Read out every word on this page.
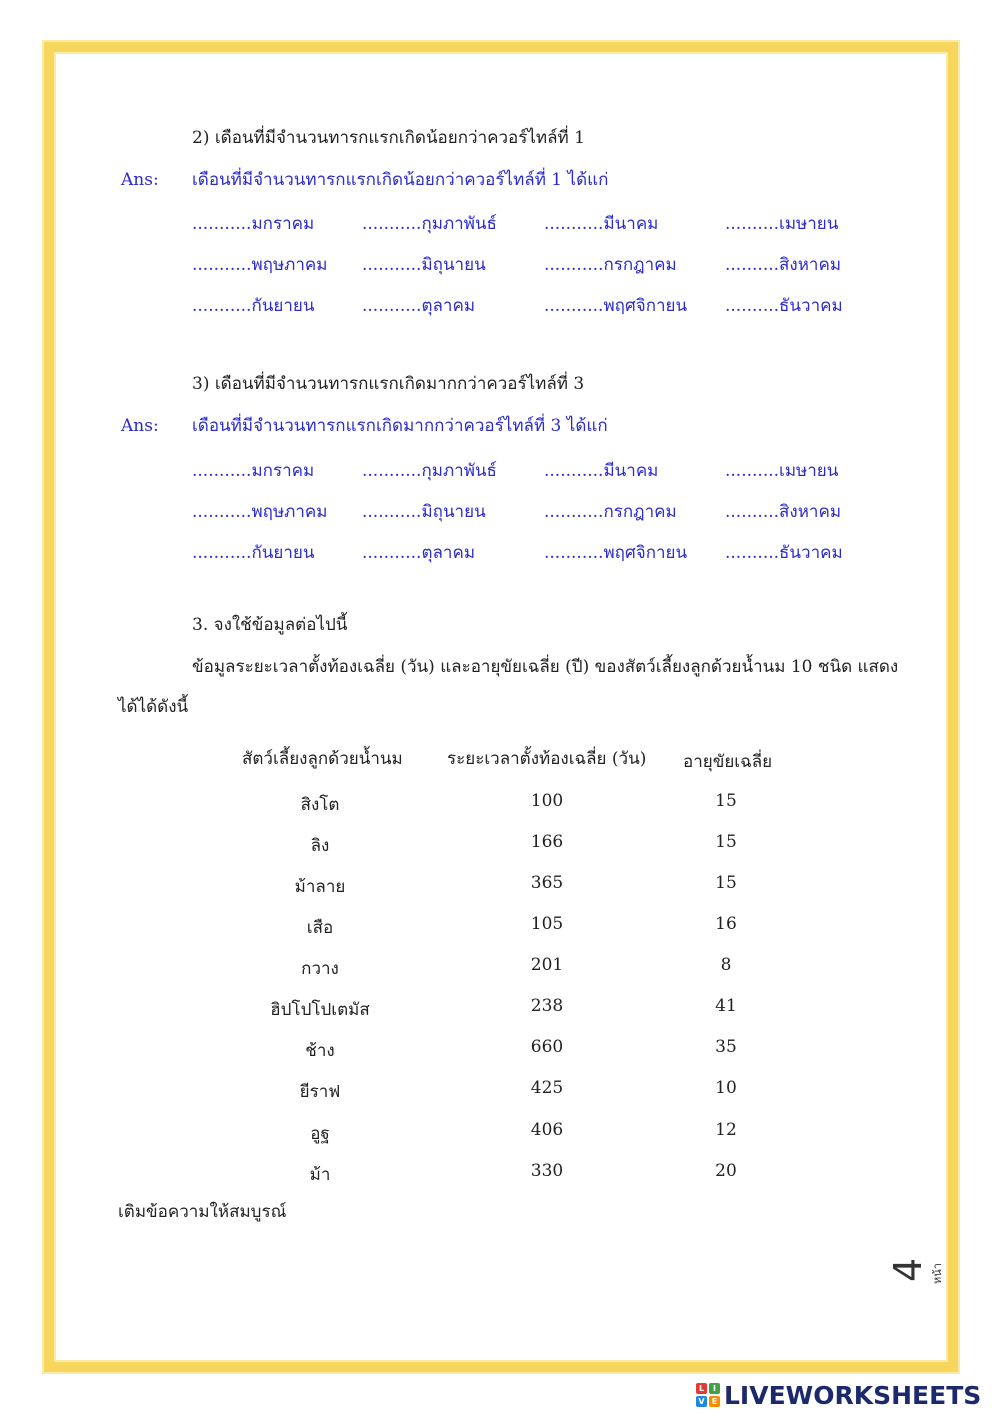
2) เดือนที่มีจำนวนทารกแรกเกิดน้อยกว่าควอร์ไทล์ที่ 1
Ans: เดือนที่มีจำนวนทารกแรกเกิดน้อยกว่าควอร์ไทล์ที่ 1 ได้แก่
...........มกราคม	...........กุมภาพันธ์	...........มีนาคม	..........เมษายน
...........พฤษภาคม ...........มิถุนายน	...........กรกฎาคม	..........สิงหาคม
...........กันยายน	...........ตุลาคม	...........พฤศจิกายน ..........ธันวาคม
3) เดือนที่มีจำนวนทารกแรกเกิดมากกว่าควอร์ไทล์ที่ 3
Ans: เดือนที่มีจำนวนทารกแรกเกิดมากกว่าควอร์ไทล์ที่ 3 ได้แก่
...........มกราคม	...........กุมภาพันธ์	...........มีนาคม	..........เมษายน
...........พฤษภาคม ...........มิถุนายน	...........กรกฎาคม	..........สิงหาคม
...........กันยายน	...........ตุลาคม	...........พฤศจิกายน ..........ธันวาคม
3. จงใช้ข้อมูลต่อไปนี้
ข้อมูลระยะเวลาตั้งท้องเฉลี่ย (วัน) และอายุขัยเฉลี่ย (ปี) ของสัตว์เลี้ยงลูกด้วยน้ำนม 10 ชนิด แสดง
ได้ได้ดังนี้
สัตว์เลี้ยงลูกด้วยน้ำนม	ระยะเวลาตั้งท้องเฉลี่ย (วัน) อายุขัยเฉลี่ย
สิงโต	100	15
ลิง	166	15
ม้าลาย	365	15
เสือ	105	16
กวาง	201	8
ฮิปโปโปเตมัส	238	41
ช้าง	660	35
ยีราฟ	425	10
อูฐ	406	12
ม้า	330	20
เติมข้อความให้สมบูรณ์
4 หน้า
L	I
V E LIVEWORKSHEETS
